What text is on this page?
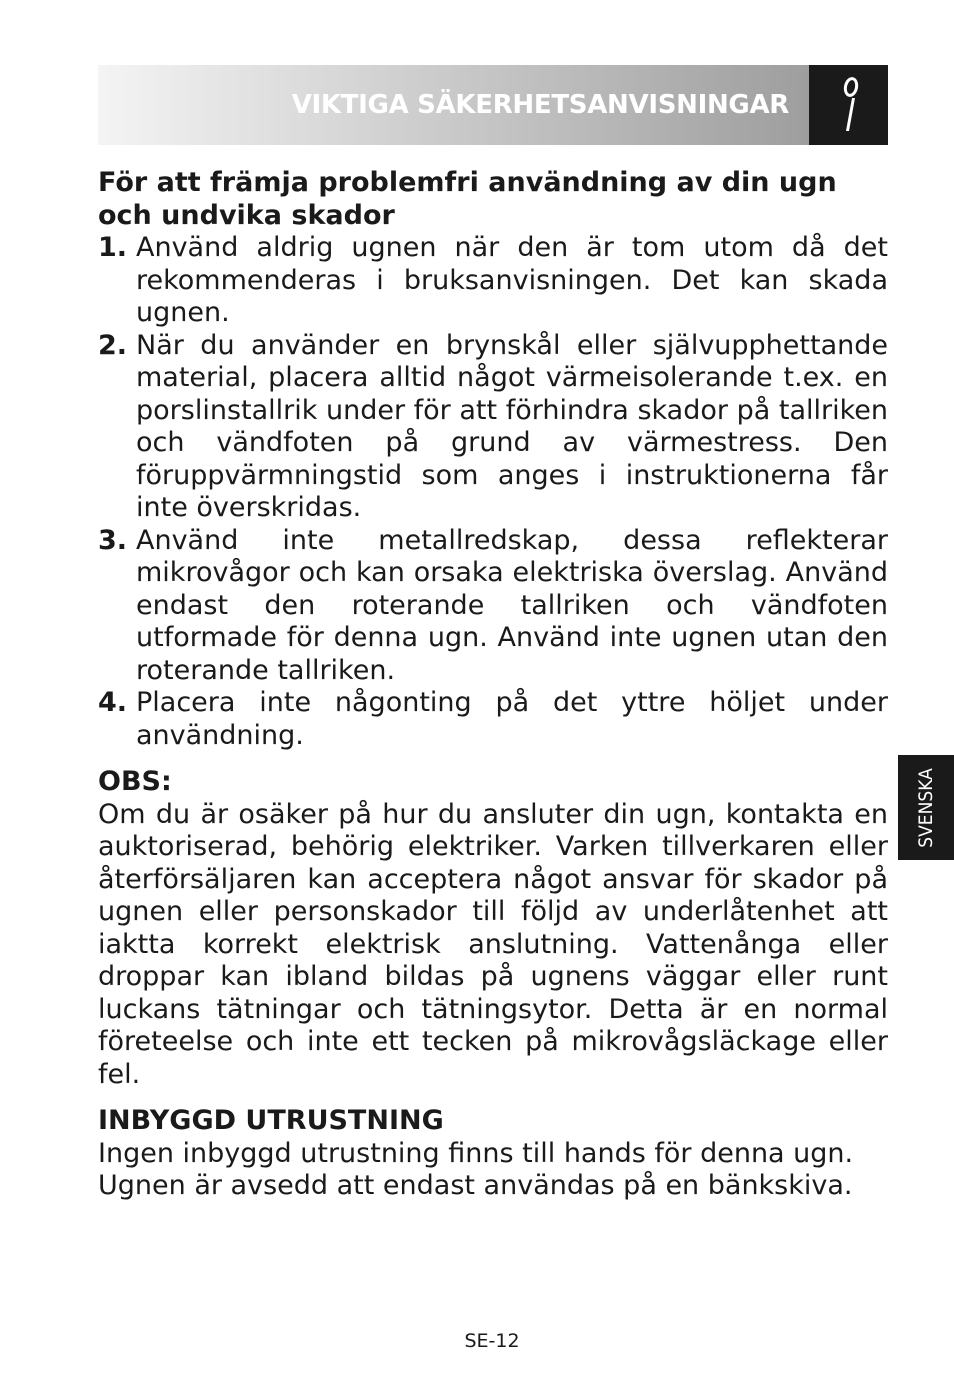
VIKTIGA SÄKERHETSANVISNINGAR

För att främja problemfri användning av din ugn och undvika skador

1. Använd aldrig ugnen när den är tom utom då det rekommenderas i bruksanvisningen. Det kan skada ugnen.
2. När du använder en brynskål eller självupphettande material, placera alltid något värmeisolerande t.ex. en porslinstallrik under för att förhindra skador på tallriken och vändfoten på grund av värmestress. Den föruppvärmningstid som anges i instruktionerna får inte överskridas.
3. Använd inte metallredskap, dessa reflekterar mikrovågor och kan orsaka elektriska överslag. Använd endast den roterande tallriken och vändfoten utformade för denna ugn. Använd inte ugnen utan den roterande tallriken.
4. Placera inte någonting på det yttre höljet under användning.

OBS:

Om du är osäker på hur du ansluter din ugn, kontakta en auktoriserad, behörig elektriker. Varken tillverkaren eller återförsäljaren kan acceptera något ansvar för skador på ugnen eller personskador till följd av underlåtenhet att iaktta korrekt elektrisk anslutning. Vattenånga eller droppar kan ibland bildas på ugnens väggar eller runt luckans tätningar och tätningsytor. Detta är en normal företeelse och inte ett tecken på mikrovågsläckage eller fel.

INBYGGD UTRUSTNING

Ingen inbyggd utrustning finns till hands för denna ugn.

Ugnen är avsedd att endast användas på en bänkskiva.

SVENSKA
SE-12
